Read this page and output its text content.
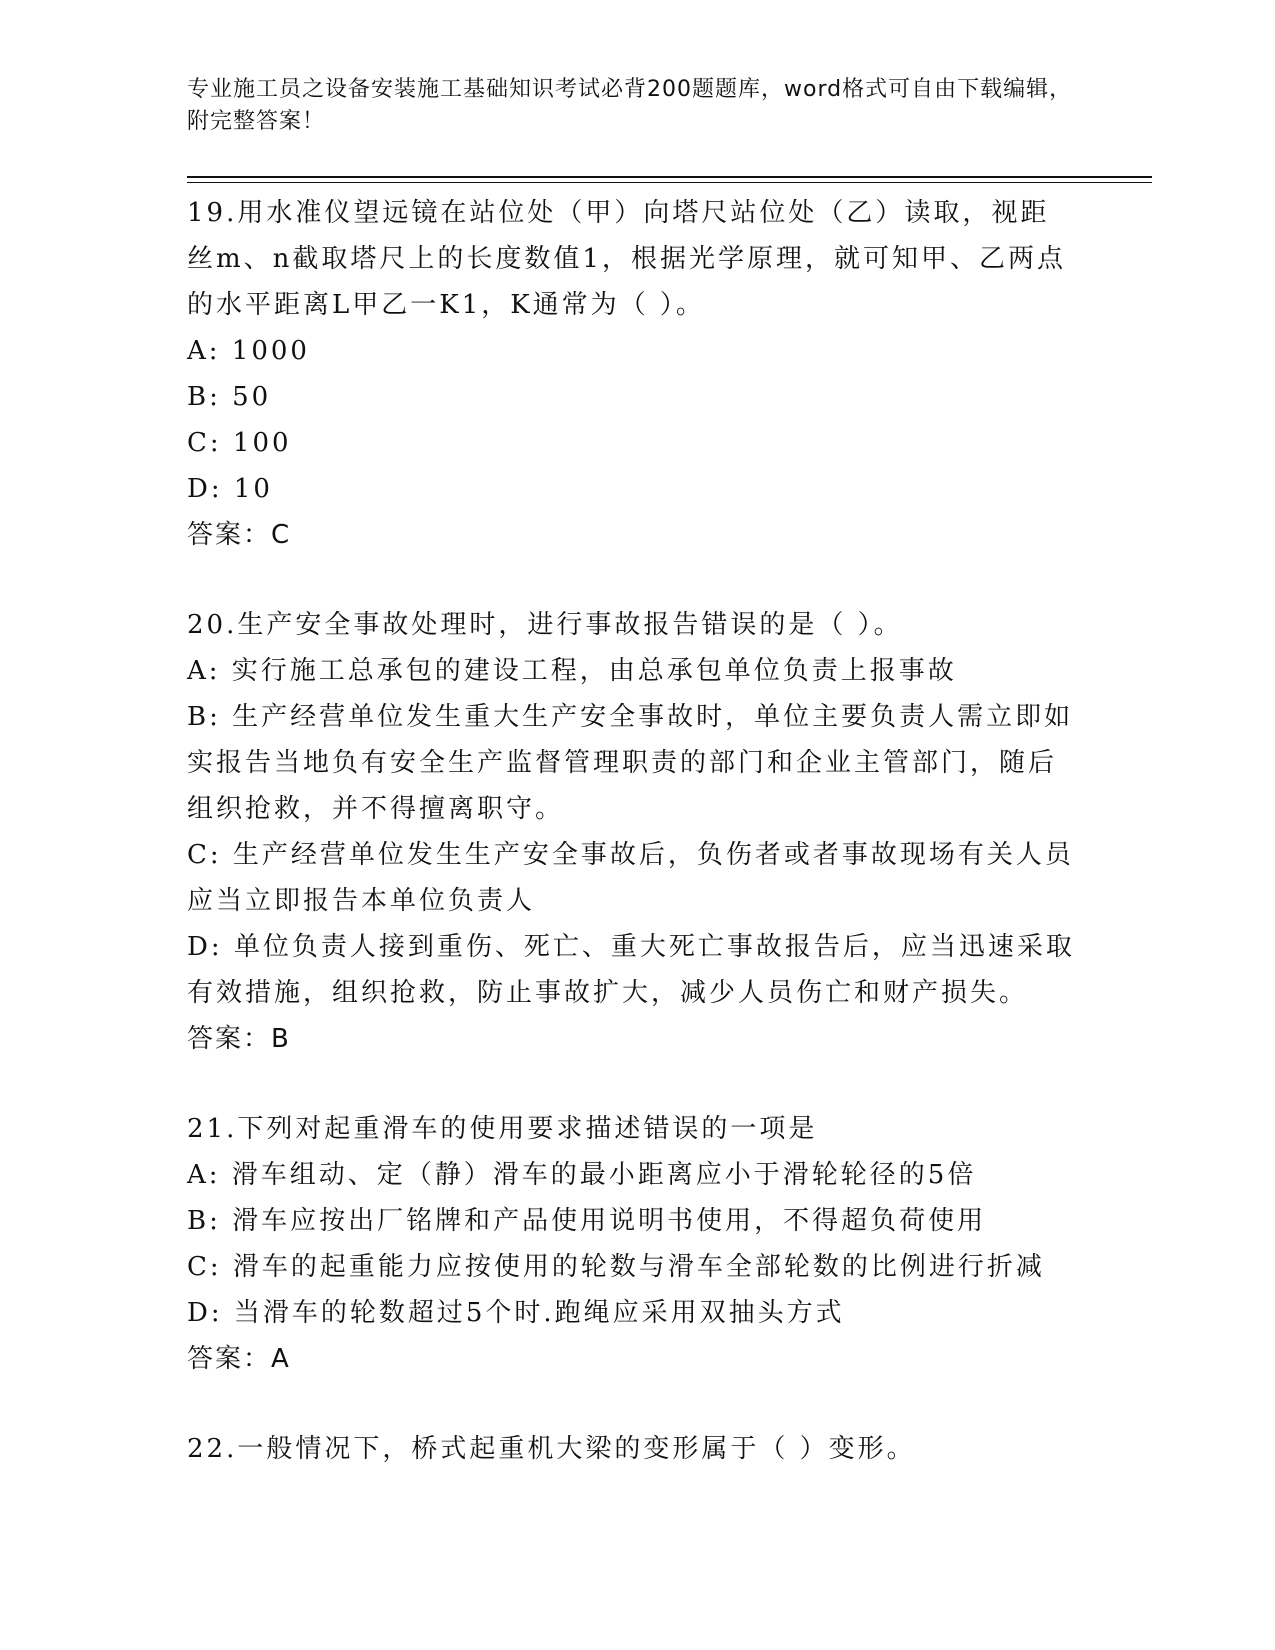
专业施工员之设备安装施工基础知识考试必背200题题库，word格式可自由下载编辑，附完整答案！

19.用水准仪望远镜在站位处（甲）向塔尺站位处（乙）读取，视距丝m、n截取塔尺上的长度数值1，根据光学原理，就可知甲、乙两点的水平距离L甲乙一K1，K通常为（ ）。

A: 1000

B: 50

C: 100

D: 10

答案：C

20.生产安全事故处理时，进行事故报告错误的是（ ）。

A: 实行施工总承包的建设工程，由总承包单位负责上报事故

B: 生产经营单位发生重大生产安全事故时，单位主要负责人需立即如实报告当地负有安全生产监督管理职责的部门和企业主管部门，随后组织抢救，并不得擅离职守。

C: 生产经营单位发生生产安全事故后，负伤者或者事故现场有关人员应当立即报告本单位负责人

D: 单位负责人接到重伤、死亡、重大死亡事故报告后，应当迅速采取有效措施，组织抢救，防止事故扩大，减少人员伤亡和财产损失。

答案：B

21.下列对起重滑车的使用要求描述错误的一项是

A: 滑车组动、定（静）滑车的最小距离应小于滑轮轮径的5倍

B: 滑车应按出厂铭牌和产品使用说明书使用，不得超负荷使用

C: 滑车的起重能力应按使用的轮数与滑车全部轮数的比例进行折减

D: 当滑车的轮数超过5个时.跑绳应采用双抽头方式

答案：A

22.一般情况下，桥式起重机大梁的变形属于（ ）变形。
